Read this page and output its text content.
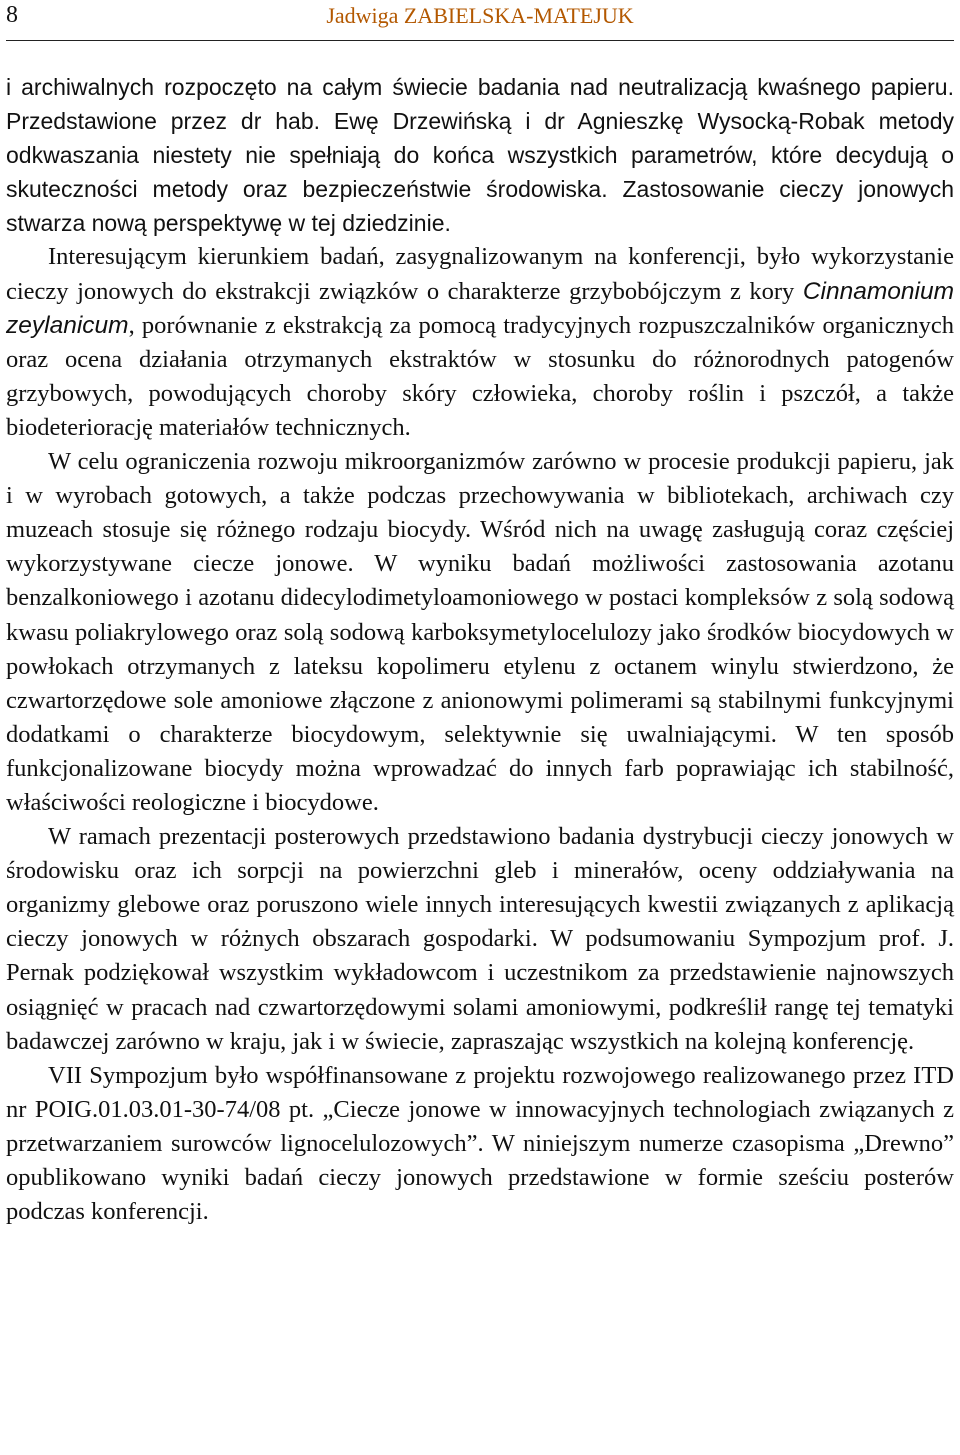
8	Jadwiga ZABIELSKA-MATEJUK

i archiwalnych rozpoczęto na całym świecie badania nad neutralizacją kwaśnego papieru. Przedstawione przez dr hab. Ewę Drzewińską i dr Agnieszkę Wysocką-Robak metody odkwaszania niestety nie spełniają do końca wszystkich parametrów, które decydują o skuteczności metody oraz bezpieczeństwie środowiska. Zastosowanie cieczy jonowych stwarza nową perspektywę w tej dziedzinie.

Interesującym kierunkiem badań, zasygnalizowanym na konferencji, było wykorzystanie cieczy jonowych do ekstrakcji związków o charakterze grzybobójczym z kory Cinnamonium zeylanicum, porównanie z ekstrakcją za pomocą tradycyjnych rozpuszczalników organicznych oraz ocena działania otrzymanych ekstraktów w stosunku do różnorodnych patogenów grzybowych, powodujących choroby skóry człowieka, choroby roślin i pszczół, a także biodeteriorację materiałów technicznych.

W celu ograniczenia rozwoju mikroorganizmów zarówno w procesie produkcji papieru, jak i w wyrobach gotowych, a także podczas przechowywania w bibliotekach, archiwach czy muzeach stosuje się różnego rodzaju biocydy. Wśród nich na uwagę zasługują coraz częściej wykorzystywane ciecze jonowe. W wyniku badań możliwości zastosowania azotanu benzalkoniowego i azotanu didecylodimetyloamoniowego w postaci kompleksów z solą sodową kwasu poliakrylowego oraz solą sodową karboksymetylocelulozy jako środków biocydowych w powłokach otrzymanych z lateksu kopolimeru etylenu z octanem winylu stwierdzono, że czwartorzędowe sole amoniowe złączone z anionowymi polimerami są stabilnymi funkcyjnymi dodatkami o charakterze biocydowym, selektywnie się uwalniającymi. W ten sposób funkcjonalizowane biocydy można wprowadzać do innych farb poprawiając ich stabilność, właściwości reologiczne i biocydowe.

W ramach prezentacji posterowych przedstawiono badania dystrybucji cieczy jonowych w środowisku oraz ich sorpcji na powierzchni gleb i minerałów, oceny oddziaływania na organizmy glebowe oraz poruszono wiele innych interesujących kwestii związanych z aplikacją cieczy jonowych w różnych obszarach gospodarki. W podsumowaniu Sympozjum prof. J. Pernak podziękował wszystkim wykładowcom i uczestnikom za przedstawienie najnowszych osiągnięć w pracach nad czwartorzędowymi solami amoniowymi, podkreślił rangę tej tematyki badawczej zarówno w kraju, jak i w świecie, zapraszając wszystkich na kolejną konferencję.

VII Sympozjum było współfinansowane z projektu rozwojowego realizowanego przez ITD nr POIG.01.03.01-30-74/08 pt. „Ciecze jonowe w innowacyjnych technologiach związanych z przetwarzaniem surowców lignocelulozowych”. W niniejszym numerze czasopisma „Drewno” opublikowano wyniki badań cieczy jonowych przedstawione w formie sześciu posterów podczas konferencji.
